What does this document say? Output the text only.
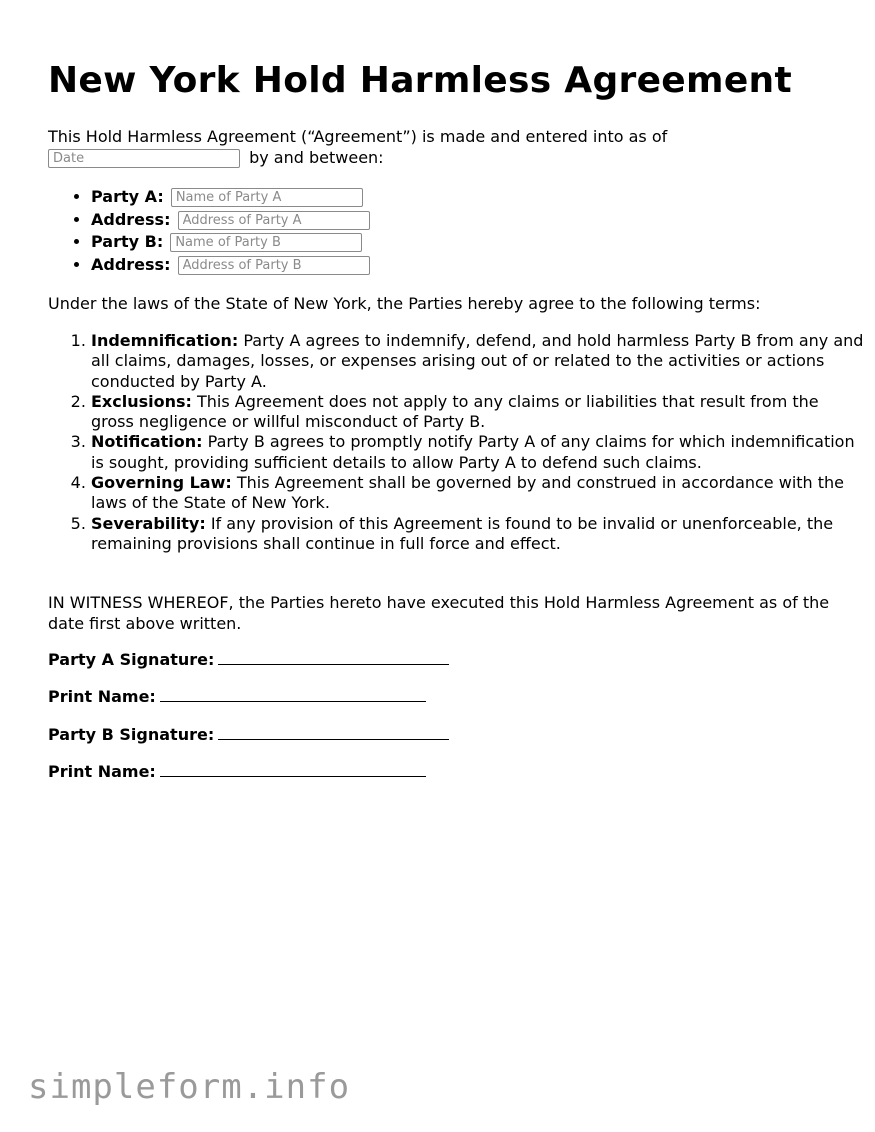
New York Hold Harmless Agreement
This Hold Harmless Agreement (“Agreement”) is made and entered into as of
Date by and between:
• Party A: Name of Party A
• Address: Address of Party A
• Party B: Name of Party B
• Address: Address of Party B
Under the laws of the State of New York, the Parties hereby agree to the following terms:
1. Indemnification: Party A agrees to indemnify, defend, and hold harmless Party B from any and all claims, damages, losses, or expenses arising out of or related to the activities or actions conducted by Party A.
2. Exclusions: This Agreement does not apply to any claims or liabilities that result from the gross negligence or willful misconduct of Party B.
3. Notification: Party B agrees to promptly notify Party A of any claims for which indemnification is sought, providing sufficient details to allow Party A to defend such claims.
4. Governing Law: This Agreement shall be governed by and construed in accordance with the laws of the State of New York.
5. Severability: If any provision of this Agreement is found to be invalid or unenforceable, the remaining provisions shall continue in full force and effect.
IN WITNESS WHEREOF, the Parties hereto have executed this Hold Harmless Agreement as of the date first above written.
Party A Signature:
Print Name:
Party B Signature:
Print Name:
simpleform.info
